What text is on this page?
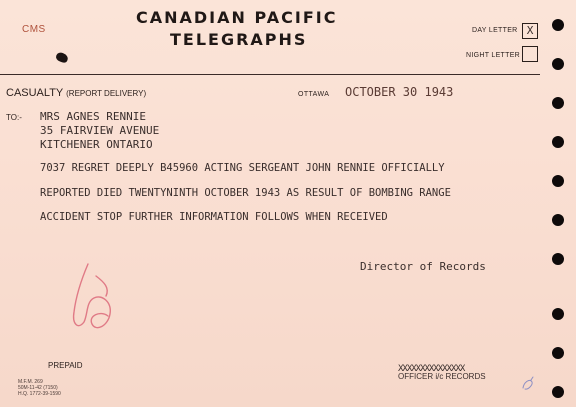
CMS
CANADIAN PACIFIC
TELEGRAPHS	DAY LETTER X
NIGHT LETTER
CASUALTY (REPORT DELIVERY)	OTTAWA OCTOBER 30 1943
TO:- MRS AGNES RENNIE
35 FAIRVIEW AVENUE
KITCHENER ONTARIO
7037 REGRET DEEPLY B45960 ACTING SERGEANT JOHN RENNIE OFFICIALLY
REPORTED DIED TWENTYNINTH OCTOBER 1943 AS RESULT OF BOMBING RANGE
ACCIDENT STOP FURTHER INFORMATION FOLLOWS WHEN RECEIVED
Director of Records
PREPAID
M.F.M. 269
50M-11-42 (7150)
H.Q. 1772-39-1590
XXXXXXXXXXXXXXX
OFFICER i/c RECORDS
